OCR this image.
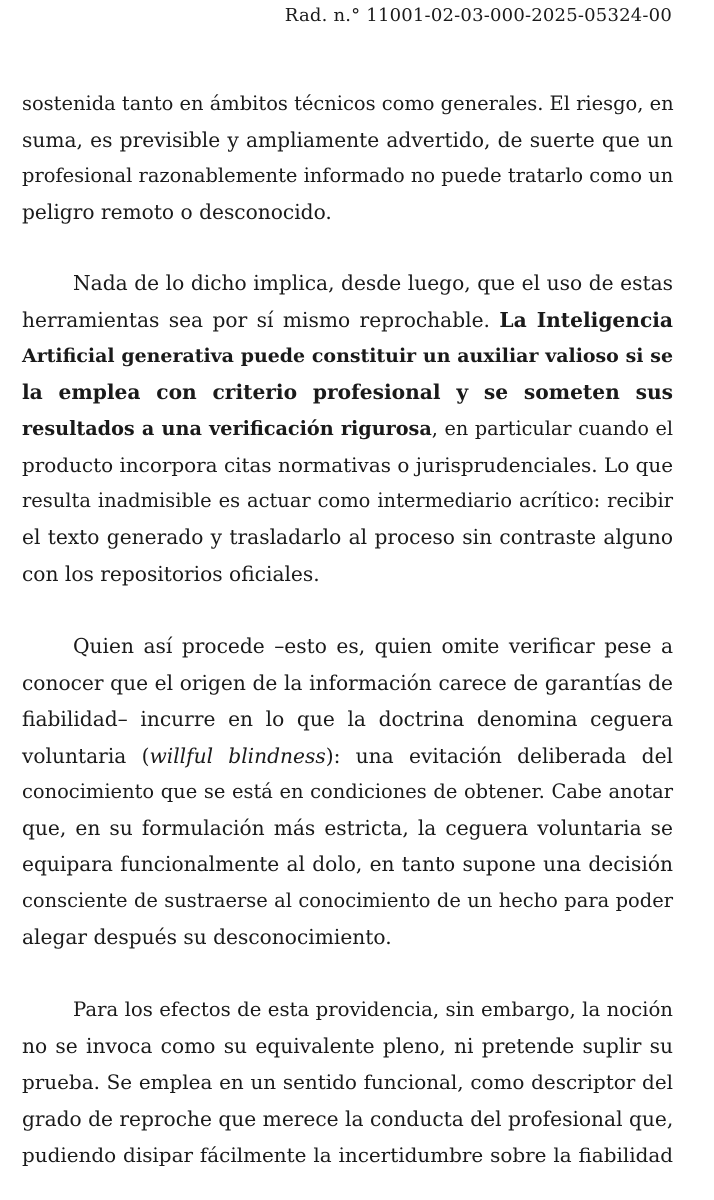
Rad. n.° 11001-02-03-000-2025-05324-00
sostenida tanto en ámbitos técnicos como generales. El riesgo, en
suma, es previsible y ampliamente advertido, de suerte que un
profesional razonablemente informado no puede tratarlo como un
peligro remoto o desconocido.
Nada de lo dicho implica, desde luego, que el uso de estas
herramientas sea por sí mismo reprochable. La Inteligencia
Artificial generativa puede constituir un auxiliar valioso si se
la emplea con criterio profesional y se someten sus
resultados a una verificación rigurosa, en particular cuando el
producto incorpora citas normativas o jurisprudenciales. Lo que
resulta inadmisible es actuar como intermediario acrítico: recibir
el texto generado y trasladarlo al proceso sin contraste alguno
con los repositorios oficiales.
Quien así procede –esto es, quien omite verificar pese a
conocer que el origen de la información carece de garantías de
fiabilidad– incurre en lo que la doctrina denomina ceguera
voluntaria (willful blindness): una evitación deliberada del
conocimiento que se está en condiciones de obtener. Cabe anotar
que, en su formulación más estricta, la ceguera voluntaria se
equipara funcionalmente al dolo, en tanto supone una decisión
consciente de sustraerse al conocimiento de un hecho para poder
alegar después su desconocimiento.
Para los efectos de esta providencia, sin embargo, la noción
no se invoca como su equivalente pleno, ni pretende suplir su
prueba. Se emplea en un sentido funcional, como descriptor del
grado de reproche que merece la conducta del profesional que,
pudiendo disipar fácilmente la incertidumbre sobre la fiabilidad
